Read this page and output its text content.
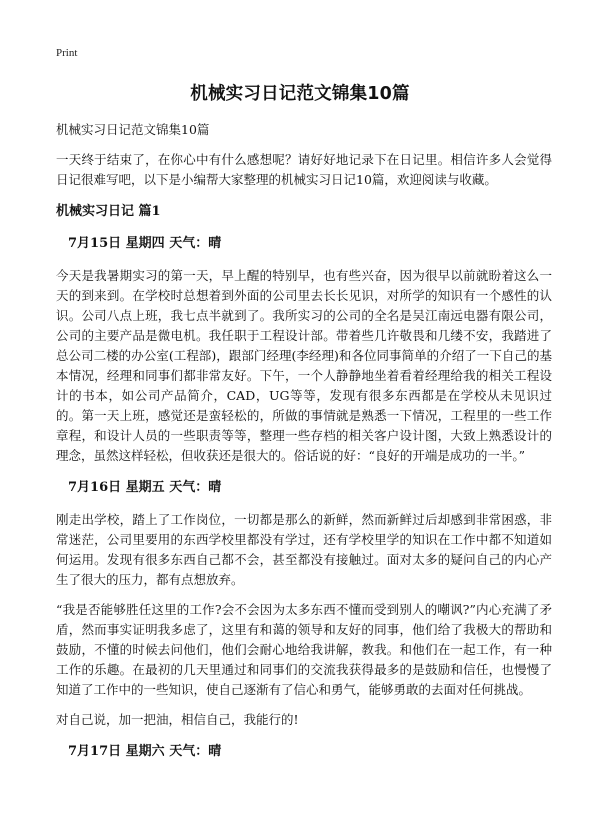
Print
机械实习日记范文锦集10篇
机械实习日记范文锦集10篇

一天终于结束了，在你心中有什么感想呢？请好好地记录下在日记里。相信许多人会觉得日记很难写吧，以下是小编帮大家整理的机械实习日记10篇，欢迎阅读与收藏。

机械实习日记 篇1
7月15日 星期四 天气：晴

今天是我暑期实习的第一天，早上醒的特别早，也有些兴奋，因为很早以前就盼着这么一天的到来到。在学校时总想着到外面的公司里去长长见识，对所学的知识有一个感性的认识。公司八点上班，我七点半就到了。我所实习的公司的全名是吴江南远电器有限公司，公司的主要产品是微电机。我任职于工程设计部。带着些几许敬畏和几缕不安，我踏进了总公司二楼的办公室(工程部)，跟部门经理(李经理)和各位同事简单的介绍了一下自己的基本情况，经理和同事们都非常友好。下午，一个人静静地坐着看着经理给我的相关工程设计的书本，如公司产品简介，CAD，UG等等，发现有很多东西都是在学校从未见识过的。第一天上班，感觉还是蛮轻松的，所做的事情就是熟悉一下情况，工程里的一些工作章程，和设计人员的一些职责等等，整理一些存档的相关客户设计图，大致上熟悉设计的理念，虽然这样轻松，但收获还是很大的。俗话说的好：“良好的开端是成功的一半。”

7月16日 星期五 天气：晴

刚走出学校，踏上了工作岗位，一切都是那么的新鲜，然而新鲜过后却感到非常困惑，非常迷茫，公司里要用的东西学校里都没有学过，还有学校里学的知识在工作中都不知道如何运用。发现有很多东西自己都不会，甚至都没有接触过。面对太多的疑问自己的内心产生了很大的压力，都有点想放弃。

“我是否能够胜任这里的工作?会不会因为太多东西不懂而受到别人的嘲讽?”内心充满了矛盾，然而事实证明我多虑了，这里有和蔼的领导和友好的同事，他们给了我极大的帮助和鼓励，不懂的时候去问他们，他们会耐心地给我讲解，教我。和他们在一起工作，有一种工作的乐趣。在最初的几天里通过和同事们的交流我获得最多的是鼓励和信任，也慢慢了知道了工作中的一些知识，使自己逐渐有了信心和勇气，能够勇敢的去面对任何挑战。

对自己说，加一把油，相信自己，我能行的!

7月17日 星期六 天气：晴
